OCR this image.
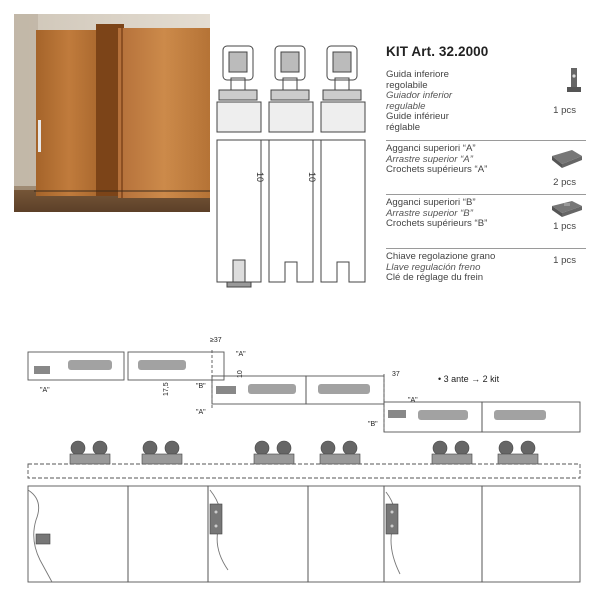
10	10
KIT Art. 32.2000
Guida inferiore
regolabile
Guiador inferior
regulable
Guide inférieur
réglable
1 pcs
Agganci superiori “A”
Arrastre superior “A”
Crochets supérieurs “A”
2 pcs
Agganci superiori “B”
Arrastre superior “B”
Crochets supérieurs “B”	1 pcs
Chiave regolazione grano
Llave regulación freno
Clé de réglage du frein
1 pcs
"A"
"A"
"B"
"A"
"A"
"B"
≥37
37
17,5
10	• 3 ante → 2 kit
